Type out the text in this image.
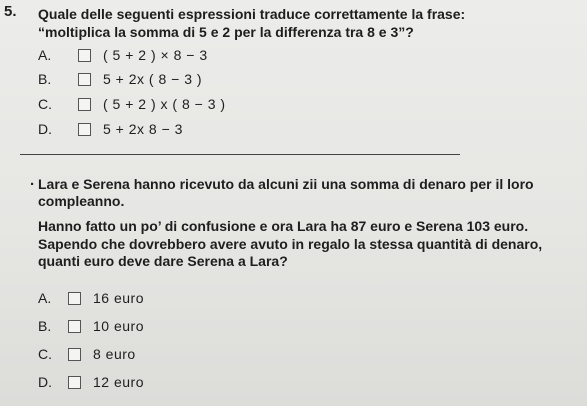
5. Quale delle seguenti espressioni traduce correttamente la frase:
“moltiplica la somma di 5 e 2 per la differenza tra 8 e 3”?
A.	( 5 + 2 ) × 8 − 3
B.	5 + 2x ( 8 − 3 )
C.	( 5 + 2 ) x ( 8 − 3 )
D.	5 + 2x 8 − 3
. Lara e Serena hanno ricevuto da alcuni zii una somma di denaro per il loro
compleanno.
Hanno fatto un po’ di confusione e ora Lara ha 87 euro e Serena 103 euro.
Sapendo che dovrebbero avere avuto in regalo la stessa quantità di denaro,
quanti euro deve dare Serena a Lara?
A.	16 euro
B.	10 euro
C.	8 euro
D.	12 euro
